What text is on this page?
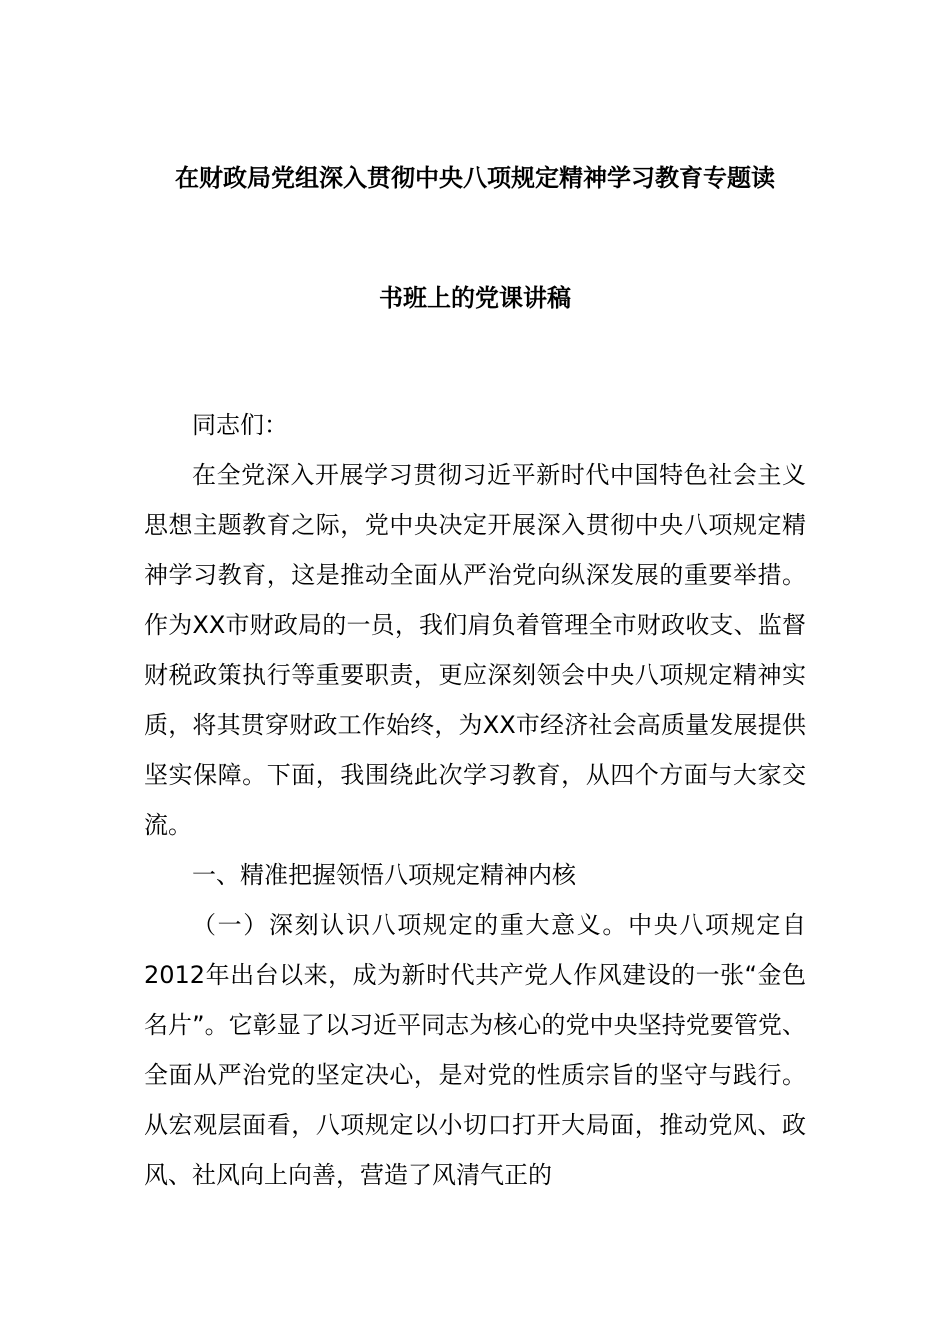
在财政局党组深入贯彻中央八项规定精神学习教育专题读
书班上的党课讲稿

同志们：

在全党深入开展学习贯彻习近平新时代中国特色社会主义思想主题教育之际，党中央决定开展深入贯彻中央八项规定精神学习教育，这是推动全面从严治党向纵深发展的重要举措。作为XX市财政局的一员，我们肩负着管理全市财政收支、监督财税政策执行等重要职责，更应深刻领会中央八项规定精神实质，将其贯穿财政工作始终，为XX市经济社会高质量发展提供坚实保障。下面，我围绕此次学习教育，从四个方面与大家交流。

一、精准把握领悟八项规定精神内核

（一）深刻认识八项规定的重大意义。中央八项规定自2012年出台以来，成为新时代共产党人作风建设的一张“金色名片”。它彰显了以习近平同志为核心的党中央坚持党要管党、全面从严治党的坚定决心，是对党的性质宗旨的坚守与践行。从宏观层面看，八项规定以小切口打开大局面，推动党风、政风、社风向上向善，营造了风清气正的
